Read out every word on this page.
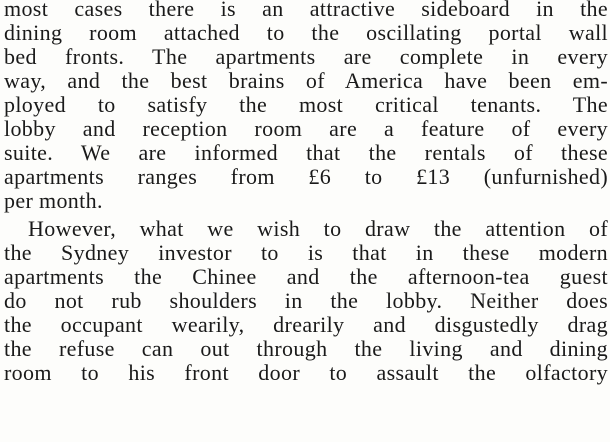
most cases there is an attractive sideboard in the
dining room attached to the oscillating portal wall
bed fronts. The apartments are complete in every
way, and the best brains of America have been em-
ployed to satisfy the most critical tenants. The
lobby and reception room are a feature of every
suite. We are informed that the rentals of these
apartments ranges from £6 to £13 (unfurnished)
per month.
However, what we wish to draw the attention of
the Sydney investor to is that in these modern
apartments the Chinee and the afternoon-tea guest
do not rub shoulders in the lobby. Neither does
the occupant wearily, drearily and disgustedly drag
the refuse can out through the living and dining
room to his front door to assault the olfactory
